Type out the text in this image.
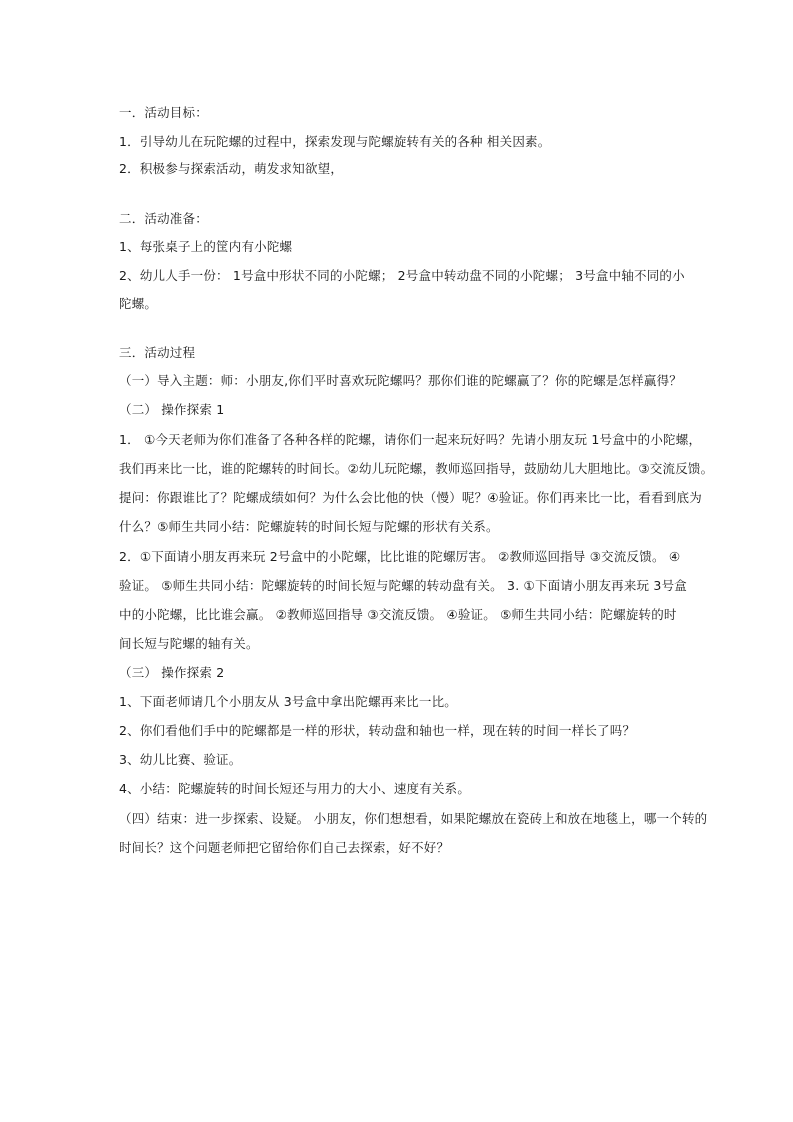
一．活动目标：
1．引导幼儿在玩陀螺的过程中，探索发现与陀螺旋转有关的各种 相关因素。
2．积极参与探索活动，萌发求知欲望，
二．活动准备：
1、每张桌子上的筐内有小陀螺
2、幼儿人手一份： 1号盒中形状不同的小陀螺； 2号盒中转动盘不同的小陀螺； 3号盒中轴不同的小
陀螺。
三．活动过程
（一）导入主题：师：小朋友,你们平时喜欢玩陀螺吗？那你们谁的陀螺赢了？你的陀螺是怎样赢得？
（二） 操作探索 1
1． ①今天老师为你们准备了各种各样的陀螺，请你们一起来玩好吗？先请小朋友玩 1号盒中的小陀螺，
我们再来比一比，谁的陀螺转的时间长。②幼儿玩陀螺，教师巡回指导，鼓励幼儿大胆地比。③交流反馈。
提问：你跟谁比了？陀螺成绩如何？为什么会比他的快（慢）呢？④验证。你们再来比一比，看看到底为
什么？⑤师生共同小结：陀螺旋转的时间长短与陀螺的形状有关系。
2．①下面请小朋友再来玩 2号盒中的小陀螺，比比谁的陀螺厉害。 ②教师巡回指导 ③交流反馈。 ④
验证。 ⑤师生共同小结：陀螺旋转的时间长短与陀螺的转动盘有关。 3. ①下面请小朋友再来玩 3号盒
中的小陀螺，比比谁会赢。 ②教师巡回指导 ③交流反馈。 ④验证。 ⑤师生共同小结：陀螺旋转的时
间长短与陀螺的轴有关。
（三） 操作探索 2
1、下面老师请几个小朋友从 3号盒中拿出陀螺再来比一比。
2、你们看他们手中的陀螺都是一样的形状，转动盘和轴也一样，现在转的时间一样长了吗？
3、幼儿比赛、验证。
4、小结：陀螺旋转的时间长短还与用力的大小、速度有关系。
（四）结束：进一步探索、设疑。 小朋友，你们想想看，如果陀螺放在瓷砖上和放在地毯上，哪一个转的
时间长？这个问题老师把它留给你们自己去探索，好不好？
